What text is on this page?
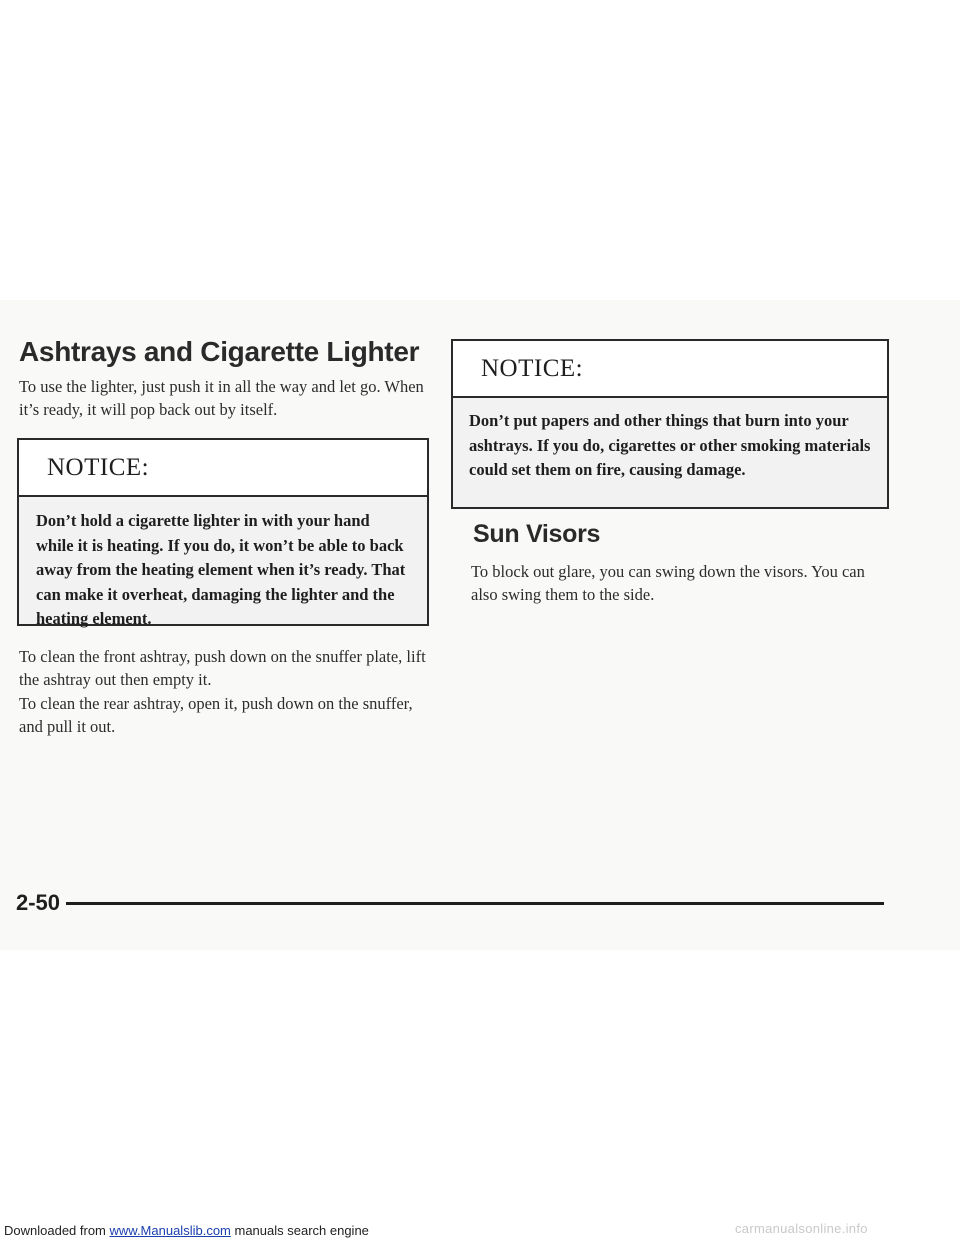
Ashtrays and Cigarette Lighter

To use the lighter, just push it in all the way and let go. When it’s ready, it will pop back out by itself.

NOTICE:
Don’t hold a cigarette lighter in with your hand while it is heating. If you do, it won’t be able to back away from the heating element when it’s ready. That can make it overheat, damaging the lighter and the heating element.

To clean the front ashtray, push down on the snuffer plate, lift the ashtray out then empty it.

To clean the rear ashtray, open it, push down on the snuffer, and pull it out.

NOTICE:
Don’t put papers and other things that burn into your ashtrays. If you do, cigarettes or other smoking materials could set them on fire, causing damage.
Sun Visors

To block out glare, you can swing down the visors. You can also swing them to the side.

2-50
Downloaded from www.Manualslib.com manuals search engine	carmanualsonline.info
